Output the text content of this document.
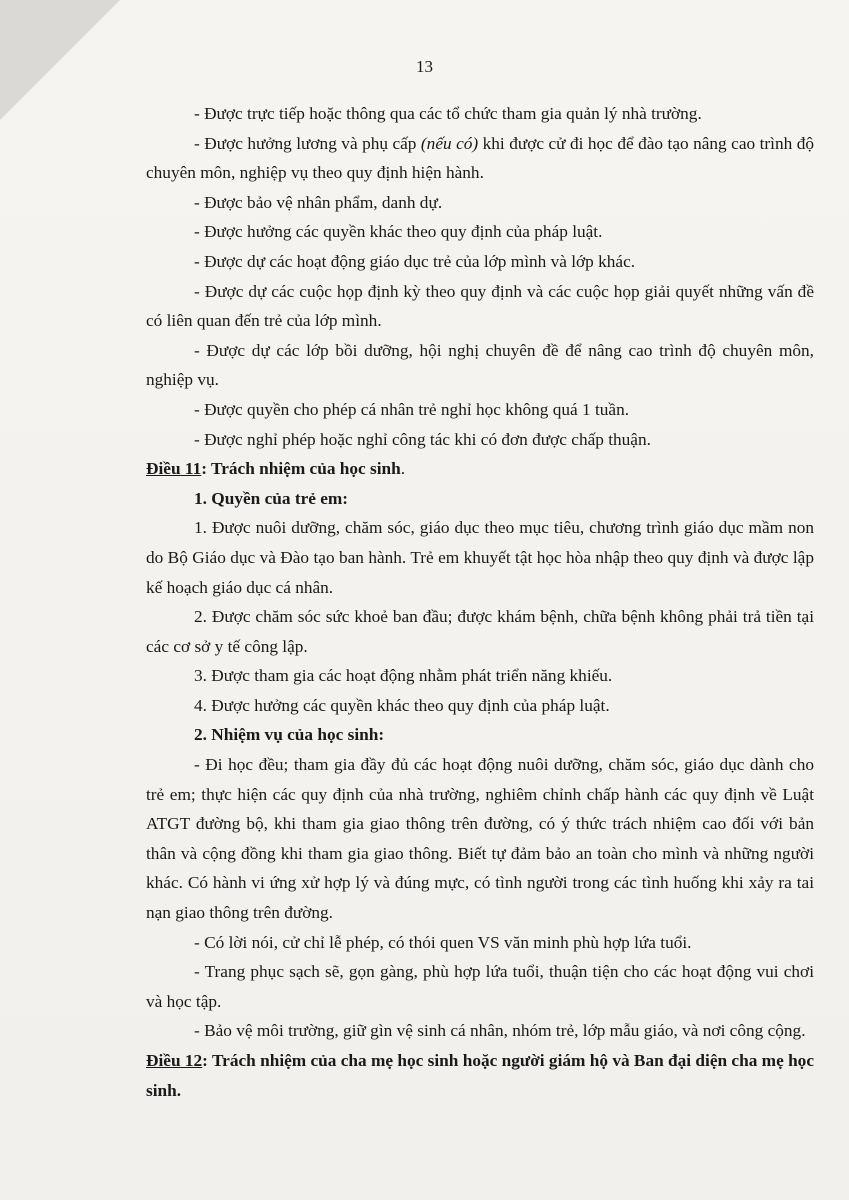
13

- Được trực tiếp hoặc thông qua các tổ chức tham gia quản lý nhà trường.

- Được hưởng lương và phụ cấp (nếu có) khi được cử đi học để đào tạo nâng cao trình độ chuyên môn, nghiệp vụ theo quy định hiện hành.

- Được bảo vệ nhân phẩm, danh dự.

- Được hưởng các quyền khác theo quy định của pháp luật.

- Được dự các hoạt động giáo dục trẻ của lớp mình và lớp khác.

- Được dự các cuộc họp định kỳ theo quy định và các cuộc họp giải quyết những vấn đề có liên quan đến trẻ của lớp mình.

- Được dự các lớp bồi dưỡng, hội nghị chuyên đề để nâng cao trình độ chuyên môn, nghiệp vụ.

- Được quyền cho phép cá nhân trẻ nghỉ học không quá 1 tuần.

- Được nghỉ phép hoặc nghỉ công tác khi có đơn được chấp thuận.

Điều 11: Trách nhiệm của học sinh.

1. Quyền của trẻ em:

1. Được nuôi dưỡng, chăm sóc, giáo dục theo mục tiêu, chương trình giáo dục mầm non do Bộ Giáo dục và Đào tạo ban hành. Trẻ em khuyết tật học hòa nhập theo quy định và được lập kế hoạch giáo dục cá nhân.

2. Được chăm sóc sức khoẻ ban đầu; được khám bệnh, chữa bệnh không phải trả tiền tại các cơ sở y tế công lập.

3. Được tham gia các hoạt động nhằm phát triển năng khiếu.

4. Được hưởng các quyền khác theo quy định của pháp luật.

2. Nhiệm vụ của học sinh:

- Đi học đều; tham gia đầy đủ các hoạt động nuôi dưỡng, chăm sóc, giáo dục dành cho trẻ em; thực hiện các quy định của nhà trường, nghiêm chỉnh chấp hành các quy định về Luật ATGT đường bộ, khi tham gia giao thông trên đường, có ý thức trách nhiệm cao đối với bản thân và cộng đồng khi tham gia giao thông. Biết tự đảm bảo an toàn cho mình và những người khác. Có hành vi ứng xử hợp lý và đúng mực, có tình người trong các tình huống khi xảy ra tai nạn giao thông trên đường.

- Có lời nói, cử chỉ lễ phép, có thói quen VS văn minh phù hợp lứa tuổi.

- Trang phục sạch sẽ, gọn gàng, phù hợp lứa tuổi, thuận tiện cho các hoạt động vui chơi và học tập.

- Bảo vệ môi trường, giữ gìn vệ sinh cá nhân, nhóm trẻ, lớp mẫu giáo, và nơi công cộng.

Điều 12: Trách nhiệm của cha mẹ học sinh hoặc người giám hộ và Ban đại diện cha mẹ học sinh.
